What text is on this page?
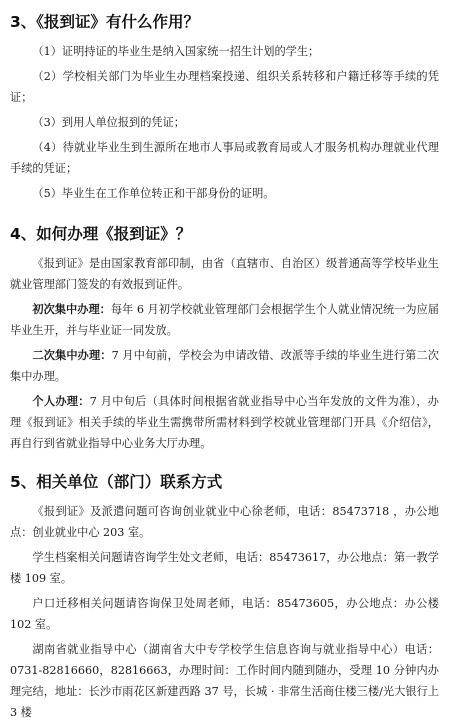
3、《报到证》有什么作用？

（1）证明持证的毕业生是纳入国家统一招生计划的学生；

（2）学校相关部门为毕业生办理档案投递、组织关系转移和户籍迁移等手续的凭证；

（3）到用人单位报到的凭证；

（4）待就业毕业生到生源所在地市人事局或教育局或人才服务机构办理就业代理手续的凭证；

（5）毕业生在工作单位转正和干部身份的证明。

4、如何办理《报到证》？

《报到证》是由国家教育部印制，由省（直辖市、自治区）级普通高等学校毕业生就业管理部门签发的有效报到证件。

初次集中办理：每年 6 月初学校就业管理部门会根据学生个人就业情况统一为应届毕业生开，并与毕业证一同发放。

二次集中办理：7 月中旬前，学校会为申请改错、改派等手续的毕业生进行第二次集中办理。

个人办理：7 月中旬后（具体时间根据省就业指导中心当年发放的文件为准），办理《报到证》相关手续的毕业生需携带所需材料到学校就业管理部门开具《介绍信》，再自行到省就业指导中心业务大厅办理。

5、相关单位（部门）联系方式

《报到证》及派遣问题可咨询创业就业中心徐老师，电话：85473718 ，办公地点：创业就业中心 203 室。

学生档案相关问题请咨询学生处文老师，电话：85473617，办公地点：第一教学楼 109 室。

户口迁移相关问题请咨询保卫处周老师，电话：85473605，办公地点：办公楼 102 室。

湖南省就业指导中心（湖南省大中专学校学生信息咨询与就业指导中心）电话：0731-82816660，82816663，办理时间：工作时间内随到随办，受理 10 分钟内办理完结，地址：长沙市雨花区新建西路 37 号，长城 · 非常生活商住楼三楼/光大银行上 3 楼
